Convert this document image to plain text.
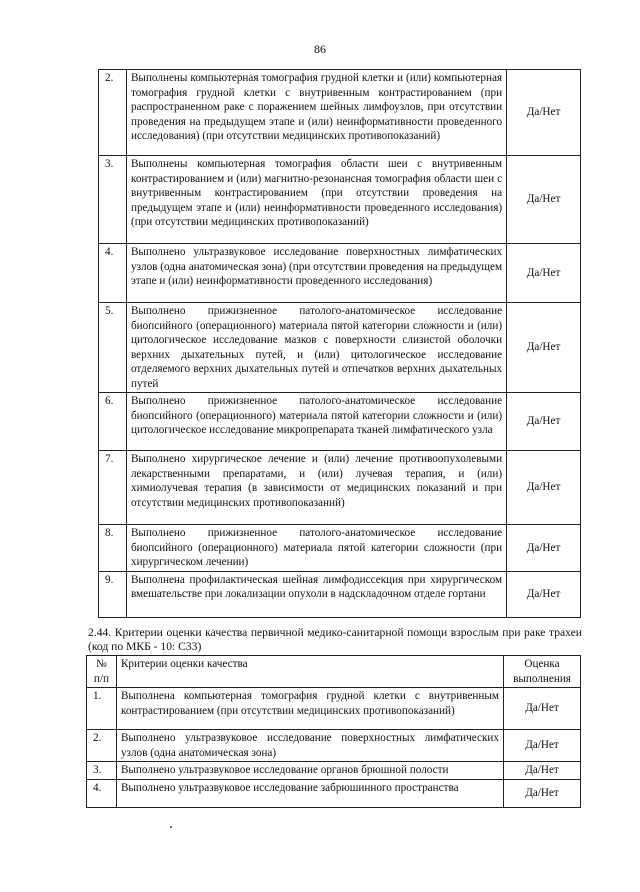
86
2.	Выполнены компьютерная томография грудной клетки и (или) компьютерная томография грудной клетки с внутривенным контрастированием (при распространенном раке с поражением шейных лимфоузлов, при отсутствии проведения на предыдущем этапе и (или) неинформативности проведенного исследования) (при отсутствии медицинских противопоказаний)	Да/Нет
3.	Выполнены компьютерная томография области шеи с внутривенным контрастированием и (или) магнитно-резонансная томография области шеи с внутривенным контрастированием (при отсутствии проведения на предыдущем этапе и (или) неинформативности проведенного исследования) (при отсутствии медицинских противопоказаний)	Да/Нет
4.	Выполнено ультразвуковое исследование поверхностных лимфатических узлов (одна анатомическая зона) (при отсутствии проведения на предыдущем этапе и (или) неинформативности проведенного исследования)	Да/Нет
5.	Выполнено прижизненное патолого-анатомическое исследование биопсийного (операционного) материала пятой категории сложности и (или) цитологическое исследование мазков с поверхности слизистой оболочки верхних дыхательных путей, и (или) цитологическое исследование отделяемого верхних дыхательных путей и отпечатков верхних дыхательных путей	Да/Нет
6.	Выполнено прижизненное патолого-анатомическое исследование биопсийного (операционного) материала пятой категории сложности и (или) цитологическое исследование микропрепарата тканей лимфатического узла	Да/Нет
7.	Выполнено хирургическое лечение и (или) лечение противоопухолевыми лекарственными препаратами, и (или) лучевая терапия, и (или) химиолучевая терапия (в зависимости от медицинских показаний и при отсутствии медицинских противопоказаний)	Да/Нет
8.	Выполнено прижизненное патолого-анатомическое исследование биопсийного (операционного) материала пятой категории сложности (при хирургическом лечении)	Да/Нет
9.	Выполнена профилактическая шейная лимфодиссекция при хирургическом вмешательстве при локализации опухоли в надскладочном отделе гортани	Да/Нет
2.44. Критерии оценки качества первичной медико-санитарной помощи взрослым при раке трахеи (код по МКБ - 10: C33)
№ п/п	Критерии оценки качества	Оценка выполнения
1.	Выполнена компьютерная томография грудной клетки с внутривенным контрастированием (при отсутствии медицинских противопоказаний)	Да/Нет
2.	Выполнено ультразвуковое исследование поверхностных лимфатических узлов (одна анатомическая зона)	Да/Нет
3.	Выполнено ультразвуковое исследование органов брюшной полости	Да/Нет
4.	Выполнено ультразвуковое исследование забрюшинного пространства	Да/Нет
